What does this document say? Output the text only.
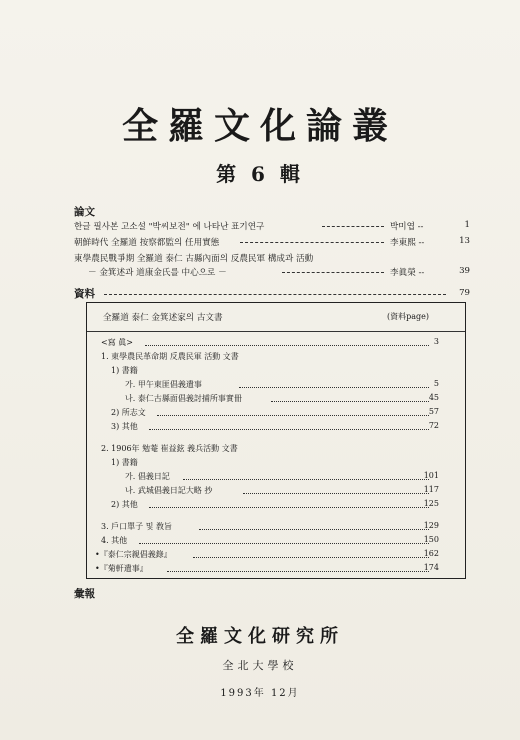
全羅文化論叢
第 6 輯
論文
한글 필사본 고소설 "박씨보전" 에 나타난 표기연구	박미엽 --	1
朝鮮時代 全羅道 按察都監의 任用實態	李東熙 --	13
東學農民戰爭期 全羅道 泰仁 古縣內面의 反農民軍 構成과 活動
－ 金箕述과 道康金氏를 中心으로 －	李眞榮 --	39
資料	79
全羅道 泰仁 金箕述家의 古文書	(資料page)
<寫 眞>	3
1. 東學農民革命期 反農民軍 活動 文書
1) 書籍
가. 甲午東匪倡義遺事	5
나. 泰仁古縣面倡義討捕所事實冊	45
2) 所志文	57
3) 其他	72
2. 1906年 勉菴 崔益鉉 義兵活動 文書
1) 書籍
가. 倡義日記	101
나. 武城倡義日記大略 抄	117
2) 其他	125
3. 戶口單子 및 敎旨	129
4. 其他	150
•『泰仁宗親倡義錄』	162
•『菊軒遺事』	174
彙報
全羅文化研究所
全北大學校
1993年 12月
